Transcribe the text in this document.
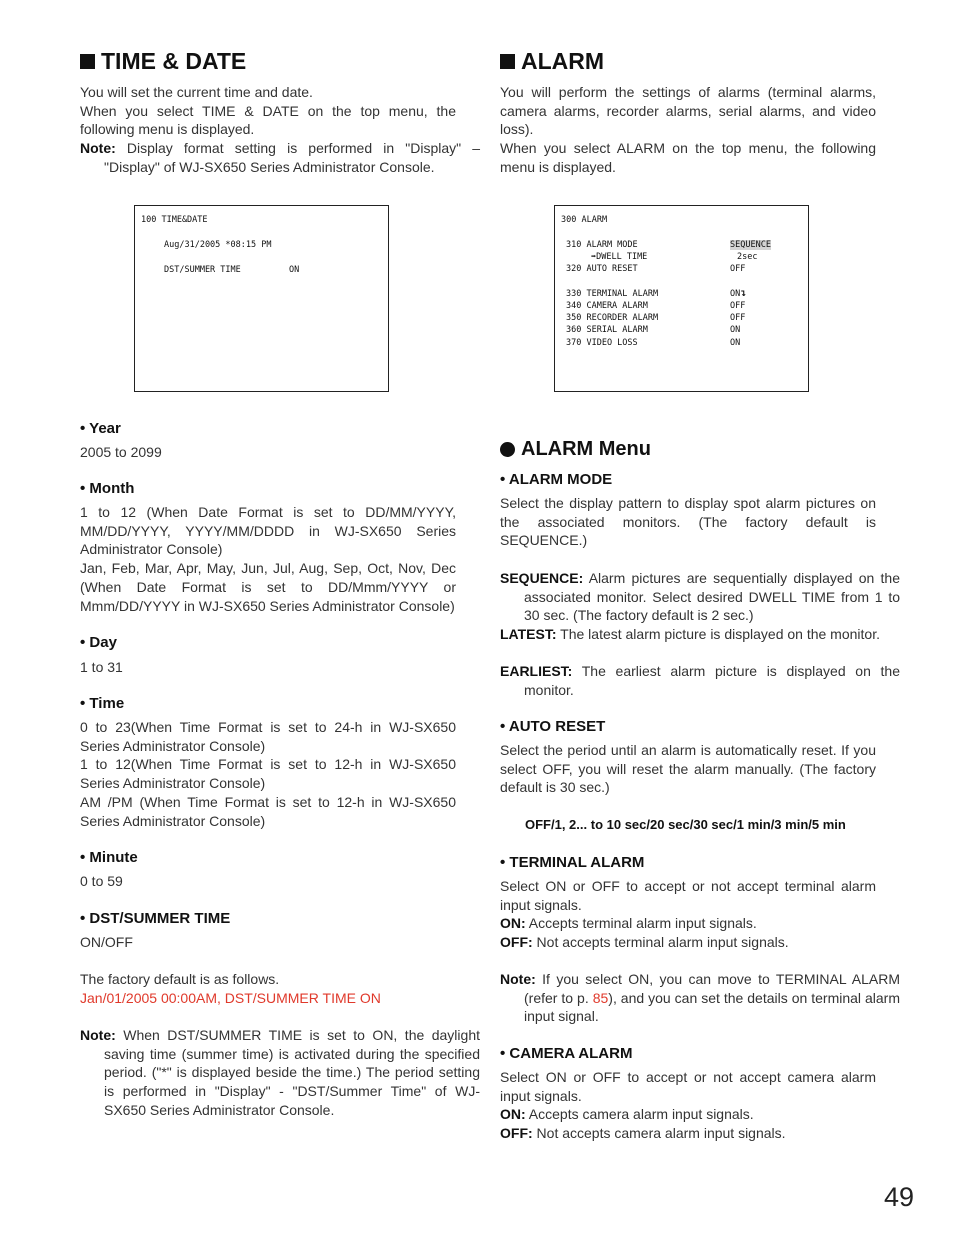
TIME & DATE

You will set the current time and date.
When you select TIME & DATE on the top menu, the following menu is displayed.

Note: Display format setting is performed in "Display" – "Display" of WJ-SX650 Series Administrator Console.

100 TIME&DATE
Aug/31/2005 *08:15 PM
DST/SUMMER TIME	ON
• Year

2005 to 2099

• Month

1 to 12 (When Date Format is set to DD/MM/YYYY, MM/DD/YYYY, YYYY/MM/DDDD in WJ-SX650 Series Administrator Console)
Jan, Feb, Mar, Apr, May, Jun, Jul, Aug, Sep, Oct, Nov, Dec (When Date Format is set to DD/Mmm/YYYY or Mmm/DD/YYYY in WJ-SX650 Series Administrator Console)

• Day

1 to 31

• Time

0 to 23(When Time Format is set to 24-h in WJ-SX650 Series Administrator Console)
1 to 12(When Time Format is set to 12-h in WJ-SX650 Series Administrator Console)
AM /PM (When Time Format is set to 12-h in WJ-SX650 Series Administrator Console)

• Minute

0 to 59

• DST/SUMMER TIME

ON/OFF

The factory default is as follows.
Jan/01/2005 00:00AM, DST/SUMMER TIME ON

Note: When DST/SUMMER TIME is set to ON, the daylight saving time (summer time) is activated during the specified period. ("*" is displayed beside the time.) The period setting is performed in "Display" - "DST/Summer Time" of WJ-SX650 Series Administrator Console.

ALARM

You will perform the settings of alarms (terminal alarms, camera alarms, recorder alarms, serial alarms, and video loss).
When you select ALARM on the top menu, the following menu is displayed.

300 ALARM
310 ALARM MODE	SEQUENCE
➡DWELL TIME	2sec
320 AUTO RESET	OFF
330 TERMINAL ALARM	ON↴
340 CAMERA ALARM	OFF
350 RECORDER ALARM	OFF
360 SERIAL ALARM	ON
370 VIDEO LOSS	ON
ALARM Menu
• ALARM MODE

Select the display pattern to display spot alarm pictures on the associated monitors. (The factory default is SEQUENCE.)

SEQUENCE: Alarm pictures are sequentially displayed on the associated monitor. Select desired DWELL TIME from 1 to 30 sec. (The factory default is 2 sec.)

LATEST: The latest alarm picture is displayed on the monitor.

EARLIEST: The earliest alarm picture is displayed on the monitor.

• AUTO RESET

Select the period until an alarm is automatically reset. If you select OFF, you will reset the alarm manually. (The factory default is 30 sec.)

OFF/1, 2... to 10 sec/20 sec/30 sec/1 min/3 min/5 min
• TERMINAL ALARM

Select ON or OFF to accept or not accept terminal alarm input signals.
ON: Accepts terminal alarm input signals.
OFF: Not accepts terminal alarm input signals.

Note: If you select ON, you can move to TERMINAL ALARM (refer to p. 85), and you can set the details on terminal alarm input signal.

• CAMERA ALARM

Select ON or OFF to accept or not accept camera alarm input signals.
ON: Accepts camera alarm input signals.
OFF: Not accepts camera alarm input signals.

49
